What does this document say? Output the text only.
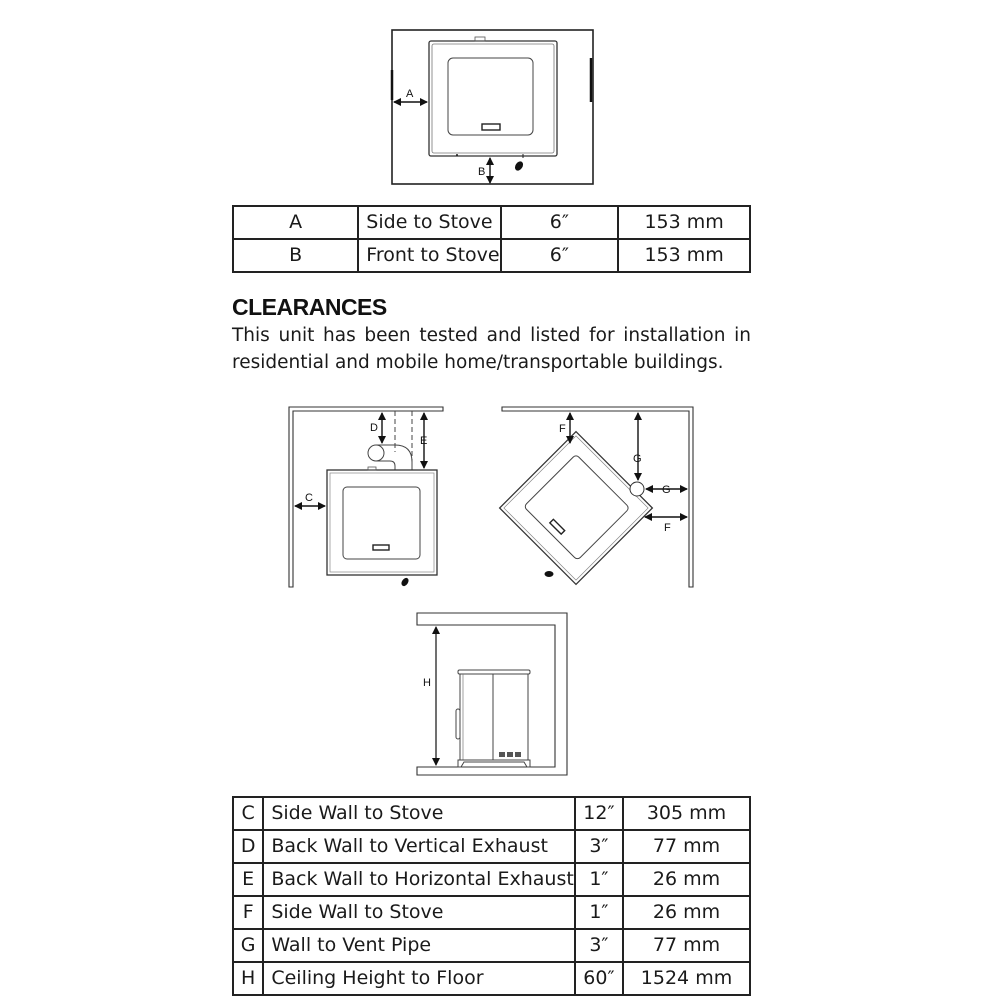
A
B
A	Side to Stove	6″	153 mm
B	Front to Stove	6″	153 mm
CLEARANCES
This unit has been tested and listed for installation in residential and mobile home/transportable buildings.
C
D
E
F
G
G
F
H
C	Side Wall to Stove	12″	305 mm
D	Back Wall to Vertical Exhaust	3″	77 mm
E	Back Wall to Horizontal Exhaust	1″	26 mm
F	Side Wall to Stove	1″	26 mm
G	Wall to Vent Pipe	3″	77 mm
H	Ceiling Height to Floor	60″	1524 mm
